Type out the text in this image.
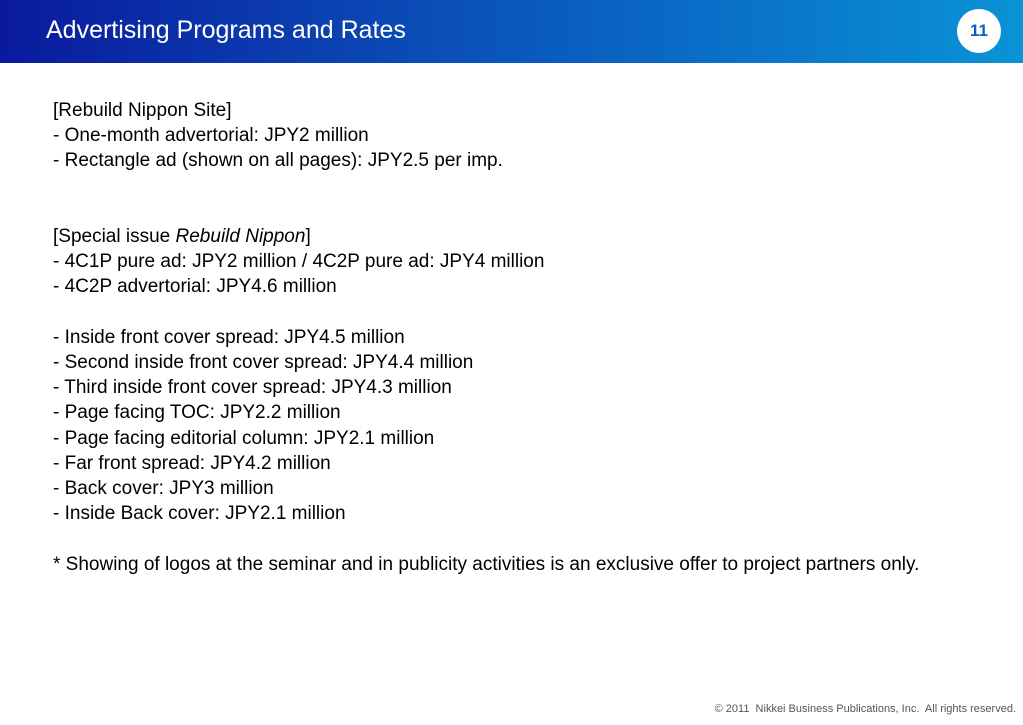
Advertising Programs and Rates	11

[Rebuild Nippon Site]

- One-month advertorial: JPY2 million

- Rectangle ad (shown on all pages): JPY2.5 per imp.

[Special issue Rebuild Nippon]

- 4C1P pure ad: JPY2 million / 4C2P pure ad: JPY4 million

- 4C2P advertorial: JPY4.6 million

- Inside front cover spread: JPY4.5 million

- Second inside front cover spread: JPY4.4 million

- Third inside front cover spread: JPY4.3 million

- Page facing TOC: JPY2.2 million

- Page facing editorial column: JPY2.1 million

- Far front spread: JPY4.2 million

- Back cover: JPY3 million

- Inside Back cover: JPY2.1 million

* Showing of logos at the seminar and in publicity activities is an exclusive offer to project partners only.

© 2011  Nikkei Business Publications, Inc.  All rights reserved.
